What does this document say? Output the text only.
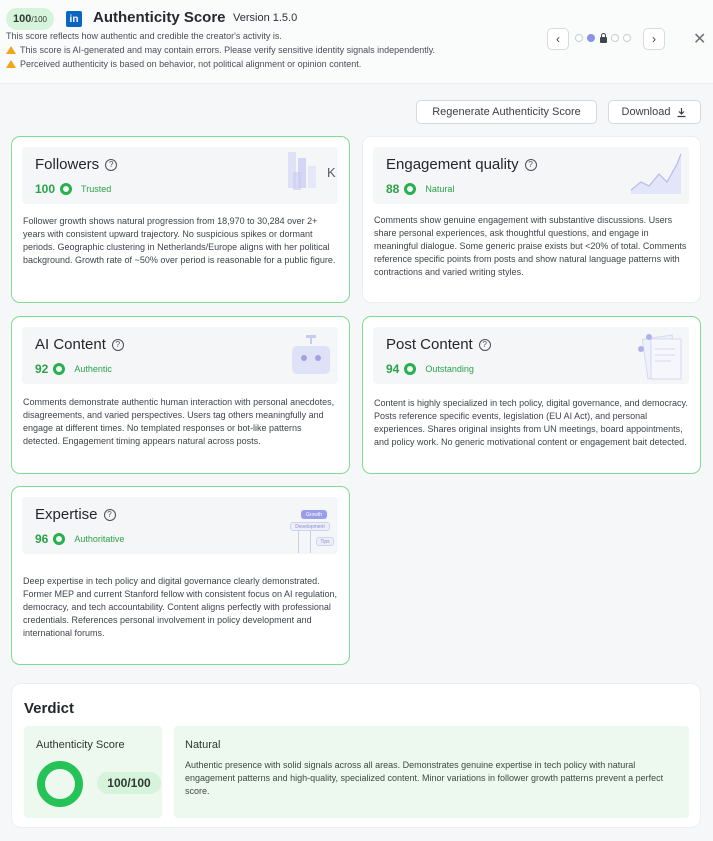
100 /100	in Authenticity Score Version 1.5.0
This score reflects how authentic and credible the creator's activity is.
This score is AI-generated and may contain errors. Please verify sensitive identity signals independently.
Perceived authenticity is based on behavior, not political alignment or opinion content.
‹	›	✕
Regenerate Authenticity Score	Download
Followers	?
100	Trusted
K
Follower growth shows natural progression from 18,970 to 30,284 over 2+ years with consistent upward trajectory. No suspicious spikes or dormant periods. Geographic clustering in Netherlands/Europe aligns with her political background. Growth rate of ~50% over period is reasonable for a public figure.
Engagement quality	?
88	Natural
Comments show genuine engagement with substantive discussions. Users share personal experiences, ask thoughtful questions, and engage in meaningful dialogue. Some generic praise exists but <20% of total. Comments reference specific points from posts and show natural language patterns with contractions and varied writing styles.
AI Content	?
92	Authentic
Comments demonstrate authentic human interaction with personal anecdotes, disagreements, and varied perspectives. Users tag others meaningfully and engage at different times. No templated responses or bot-like patterns detected. Engagement timing appears natural across posts.
Post Content	?
94	Outstanding
Content is highly specialized in tech policy, digital governance, and democracy. Posts reference specific events, legislation (EU AI Act), and personal experiences. Shares original insights from UN meetings, board appointments, and policy work. No generic motivational content or engagement bait detected.
Expertise	?
96	Authoritative
Growth
Development
Tips
Deep expertise in tech policy and digital governance clearly demonstrated. Former MEP and current Stanford fellow with consistent focus on AI regulation, democracy, and tech accountability. Content aligns perfectly with professional credentials. References personal involvement in policy development and international forums.
Verdict
Authenticity Score
100/100
Natural
Authentic presence with solid signals across all areas. Demonstrates genuine expertise in tech policy with natural engagement patterns and high-quality, specialized content. Minor variations in follower growth patterns prevent a perfect score.
